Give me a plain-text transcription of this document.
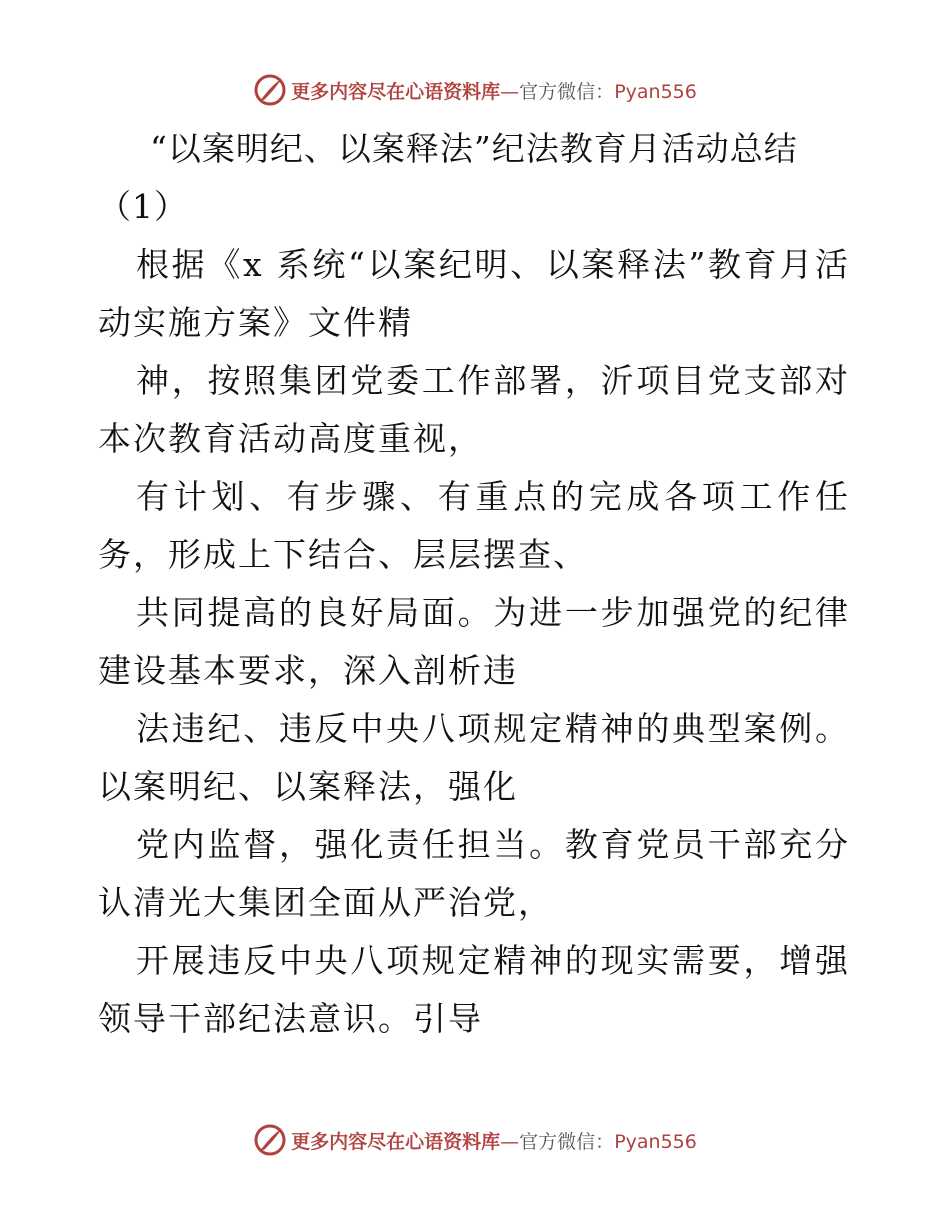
更多内容尽在心语资料库—官方微信：Pyan556
“以案明纪、以案释法”纪法教育月活动总结（1）

根据《x 系统“以案纪明、以案释法”教育月活动实施方案》文件精

神，按照集团党委工作部署，沂项目党支部对本次教育活动高度重视，

有计划、有步骤、有重点的完成各项工作任务，形成上下结合、层层摆查、

共同提高的良好局面。为进一步加强党的纪律建设基本要求，深入剖析违

法违纪、违反中央八项规定精神的典型案例。以案明纪、以案释法，强化

党内监督，强化责任担当。教育党员干部充分认清光大集团全面从严治党，

开展违反中央八项规定精神的现实需要，增强领导干部纪法意识。引导

更多内容尽在心语资料库—官方微信：Pyan556
